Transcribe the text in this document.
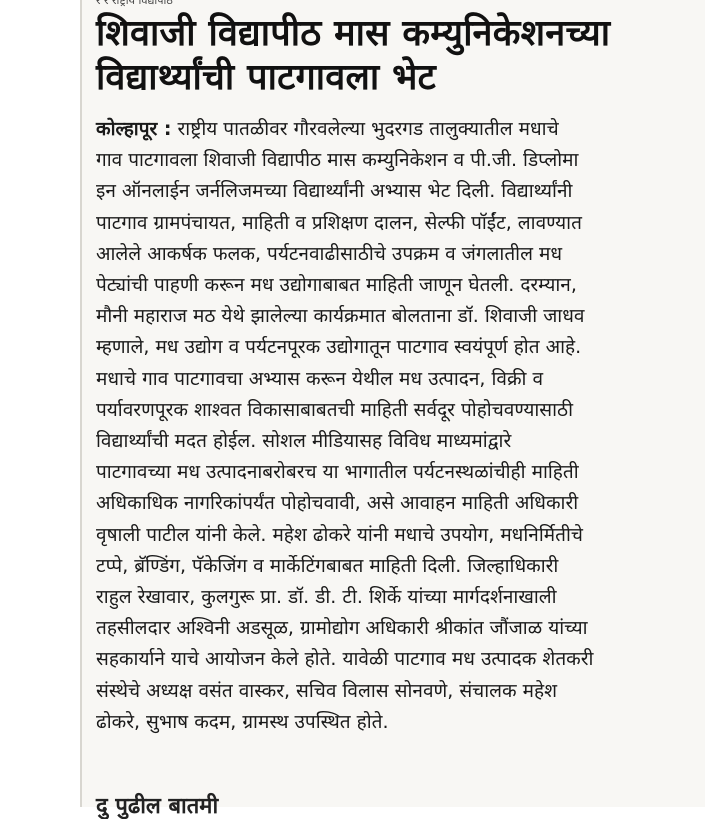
शिवाजी विद्यापीठ मास कम्युनिकेशनच्या
विद्यार्थ्यांची पाटगावला भेट
कोल्हापूर : राष्ट्रीय पातळीवर गौरवलेल्या भुदरगड तालुक्यातील मधाचे
गाव पाटगावला शिवाजी विद्यापीठ मास कम्युनिकेशन व पी.जी. डिप्लोमा
इन ऑनलाईन जर्नलिजमच्या विद्यार्थ्यांनी अभ्यास भेट दिली. विद्यार्थ्यांनी
पाटगाव ग्रामपंचायत, माहिती व प्रशिक्षण दालन, सेल्फी पॉईंट, लावण्यात
आलेले आकर्षक फलक, पर्यटनवाढीसाठीचे उपक्रम व जंगलातील मध
पेट्यांची पाहणी करून मध उद्योगाबाबत माहिती जाणून घेतली. दरम्यान,
मौनी महाराज मठ येथे झालेल्या कार्यक्रमात बोलताना डॉ. शिवाजी जाधव
म्हणाले, मध उद्योग व पर्यटनपूरक उद्योगातून पाटगाव स्वयंपूर्ण होत आहे.
मधाचे गाव पाटगावचा अभ्यास करून येथील मध उत्पादन, विक्री व
पर्यावरणपूरक शाश्वत विकासाबाबतची माहिती सर्वदूर पोहोचवण्यासाठी
विद्यार्थ्यांची मदत होईल. सोशल मीडियासह विविध माध्यमांद्वारे
पाटगावच्या मध उत्पादनाबरोबरच या भागातील पर्यटनस्थळांचीही माहिती
अधिकाधिक नागरिकांपर्यंत पोहोचवावी, असे आवाहन माहिती अधिकारी
वृषाली पाटील यांनी केले. महेश ढोकरे यांनी मधाचे उपयोग, मधनिर्मितीचे
टप्पे, ब्रॅण्डिंग, पॅकेजिंग व मार्केटिंगबाबत माहिती दिली. जिल्हाधिकारी
राहुल रेखावार, कुलगुरू प्रा. डॉ. डी. टी. शिर्के यांच्या मार्गदर्शनाखाली
तहसीलदार अश्विनी अडसूळ, ग्रामोद्योग अधिकारी श्रीकांत जौंजाळ यांच्या
सहकार्याने याचे आयोजन केले होते. यावेळी पाटगाव मध उत्पादक शेतकरी
संस्थेचे अध्यक्ष वसंत वास्कर, सचिव विलास सोनवणे, संचालक महेश
ढोकरे, सुभाष कदम, ग्रामस्थ उपस्थित होते.
दु पुढील बातमी
